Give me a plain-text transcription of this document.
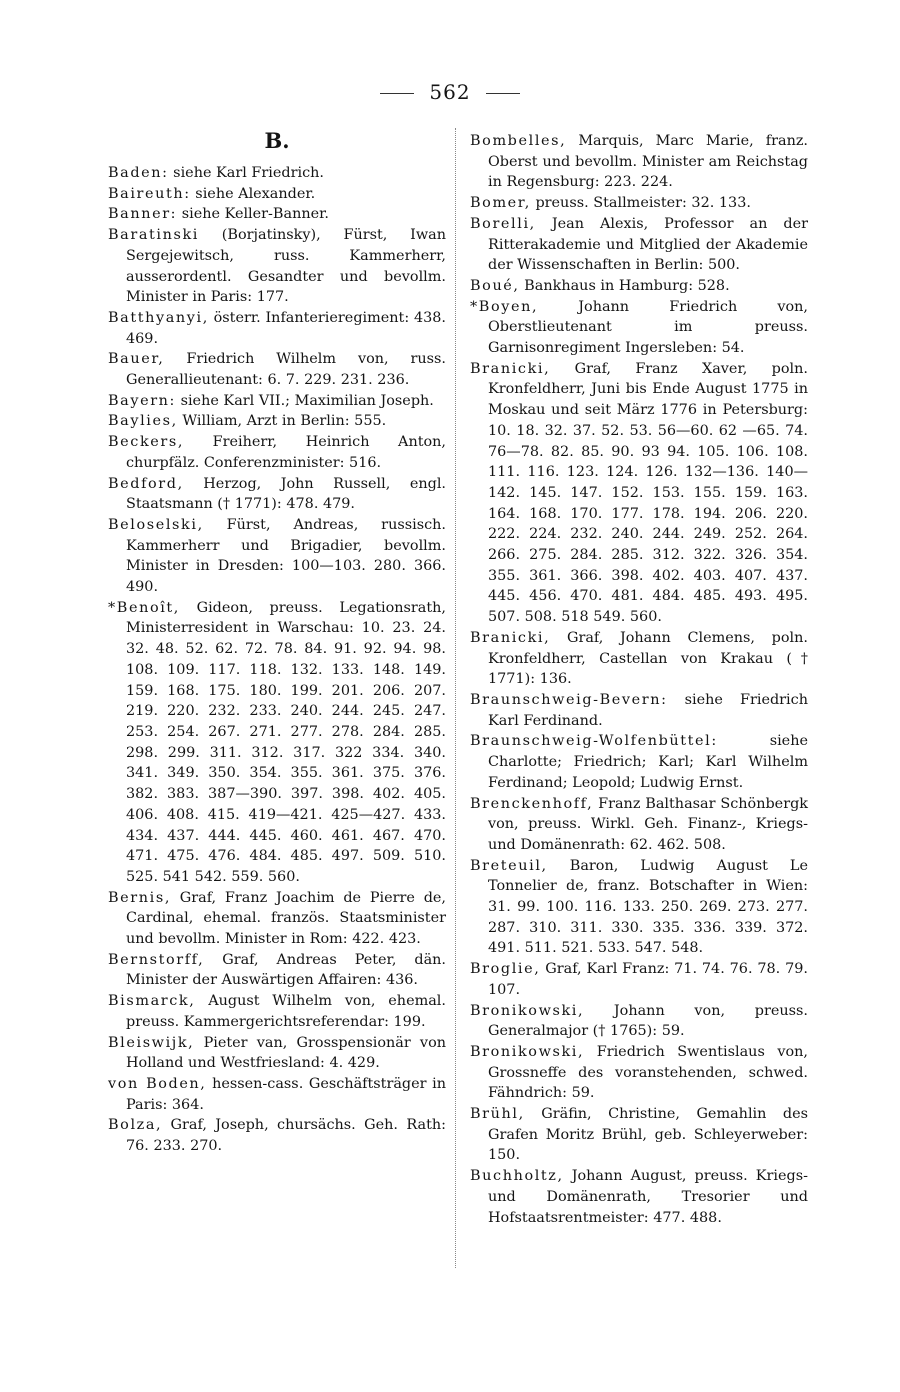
562
B.

Baden: siehe Karl Friedrich.

Baireuth: siehe Alexander.

Banner: siehe Keller-Banner.

Baratinski (Borjatinsky), Fürst, Iwan Sergejewitsch, russ. Kammerherr, ausserordentl. Gesandter und bevollm. Minister in Paris: 177.

Batthyanyi, österr. Infanterieregiment: 438. 469.

Bauer, Friedrich Wilhelm von, russ. Generallieutenant: 6. 7. 229. 231. 236.

Bayern: siehe Karl VII.; Maximilian Joseph.

Baylies, William, Arzt in Berlin: 555.

Beckers, Freiherr, Heinrich Anton, churpfälz. Conferenzminister: 516.

Bedford, Herzog, John Russell, engl. Staatsmann († 1771): 478. 479.

Beloselski, Fürst, Andreas, russisch. Kammerherr und Brigadier, bevollm. Minister in Dresden: 100—103. 280. 366. 490.

*Benoît, Gideon, preuss. Legationsrath, Ministerresident in Warschau: 10. 23. 24. 32. 48. 52. 62. 72. 78. 84. 91. 92. 94. 98. 108. 109. 117. 118. 132. 133. 148. 149. 159. 168. 175. 180. 199. 201. 206. 207. 219. 220. 232. 233. 240. 244. 245. 247. 253. 254. 267. 271. 277. 278. 284. 285. 298. 299. 311. 312. 317. 322 334. 340. 341. 349. 350. 354. 355. 361. 375. 376. 382. 383. 387—390. 397. 398. 402. 405. 406. 408. 415. 419—421. 425—427. 433. 434. 437. 444. 445. 460. 461. 467. 470. 471. 475. 476. 484. 485. 497. 509. 510. 525. 541 542. 559. 560.

Bernis, Graf, Franz Joachim de Pierre de, Cardinal, ehemal. französ. Staatsminister und bevollm. Minister in Rom: 422. 423.

Bernstorff, Graf, Andreas Peter, dän. Minister der Auswärtigen Affairen: 436.

Bismarck, August Wilhelm von, ehemal. preuss. Kammergerichtsreferendar: 199.

Bleiswijk, Pieter van, Grosspensionär von Holland und Westfriesland: 4. 429.

von Boden, hessen-cass. Geschäftsträger in Paris: 364.

Bolza, Graf, Joseph, chursächs. Geh. Rath: 76. 233. 270.

Bombelles, Marquis, Marc Marie, franz. Oberst und bevollm. Minister am Reichstag in Regensburg: 223. 224.

Bomer, preuss. Stallmeister: 32. 133.

Borelli, Jean Alexis, Professor an der Ritterakademie und Mitglied der Akademie der Wissenschaften in Berlin: 500.

Boué, Bankhaus in Hamburg: 528.

*Boyen, Johann Friedrich von, Oberstlieutenant im preuss. Garnisonregiment Ingersleben: 54.

Branicki, Graf, Franz Xaver, poln. Kronfeldherr, Juni bis Ende August 1775 in Moskau und seit März 1776 in Petersburg: 10. 18. 32. 37. 52. 53. 56—60. 62 —65. 74. 76—78. 82. 85. 90. 93 94. 105. 106. 108. 111. 116. 123. 124. 126. 132—136. 140—142. 145. 147. 152. 153. 155. 159. 163. 164. 168. 170. 177. 178. 194. 206. 220. 222. 224. 232. 240. 244. 249. 252. 264. 266. 275. 284. 285. 312. 322. 326. 354. 355. 361. 366. 398. 402. 403. 407. 437. 445. 456. 470. 481. 484. 485. 493. 495. 507. 508. 518 549. 560.

Branicki, Graf, Johann Clemens, poln. Kronfeldherr, Castellan von Krakau († 1771): 136.

Braunschweig-Bevern: siehe Friedrich Karl Ferdinand.

Braunschweig-Wolfenbüttel: siehe Charlotte; Friedrich; Karl; Karl Wilhelm Ferdinand; Leopold; Ludwig Ernst.

Brenckenhoff, Franz Balthasar Schönbergk von, preuss. Wirkl. Geh. Finanz-, Kriegs- und Domänenrath: 62. 462. 508.

Breteuil, Baron, Ludwig August Le Tonnelier de, franz. Botschafter in Wien: 31. 99. 100. 116. 133. 250. 269. 273. 277. 287. 310. 311. 330. 335. 336. 339. 372. 491. 511. 521. 533. 547. 548.

Broglie, Graf, Karl Franz: 71. 74. 76. 78. 79. 107.

Bronikowski, Johann von, preuss. Generalmajor († 1765): 59.

Bronikowski, Friedrich Swentislaus von, Grossneffe des voranstehenden, schwed. Fähndrich: 59.

Brühl, Gräfin, Christine, Gemahlin des Grafen Moritz Brühl, geb. Schleyerweber: 150.

Buchholtz, Johann August, preuss. Kriegs- und Domänenrath, Tresorier und Hofstaatsrentmeister: 477. 488.
